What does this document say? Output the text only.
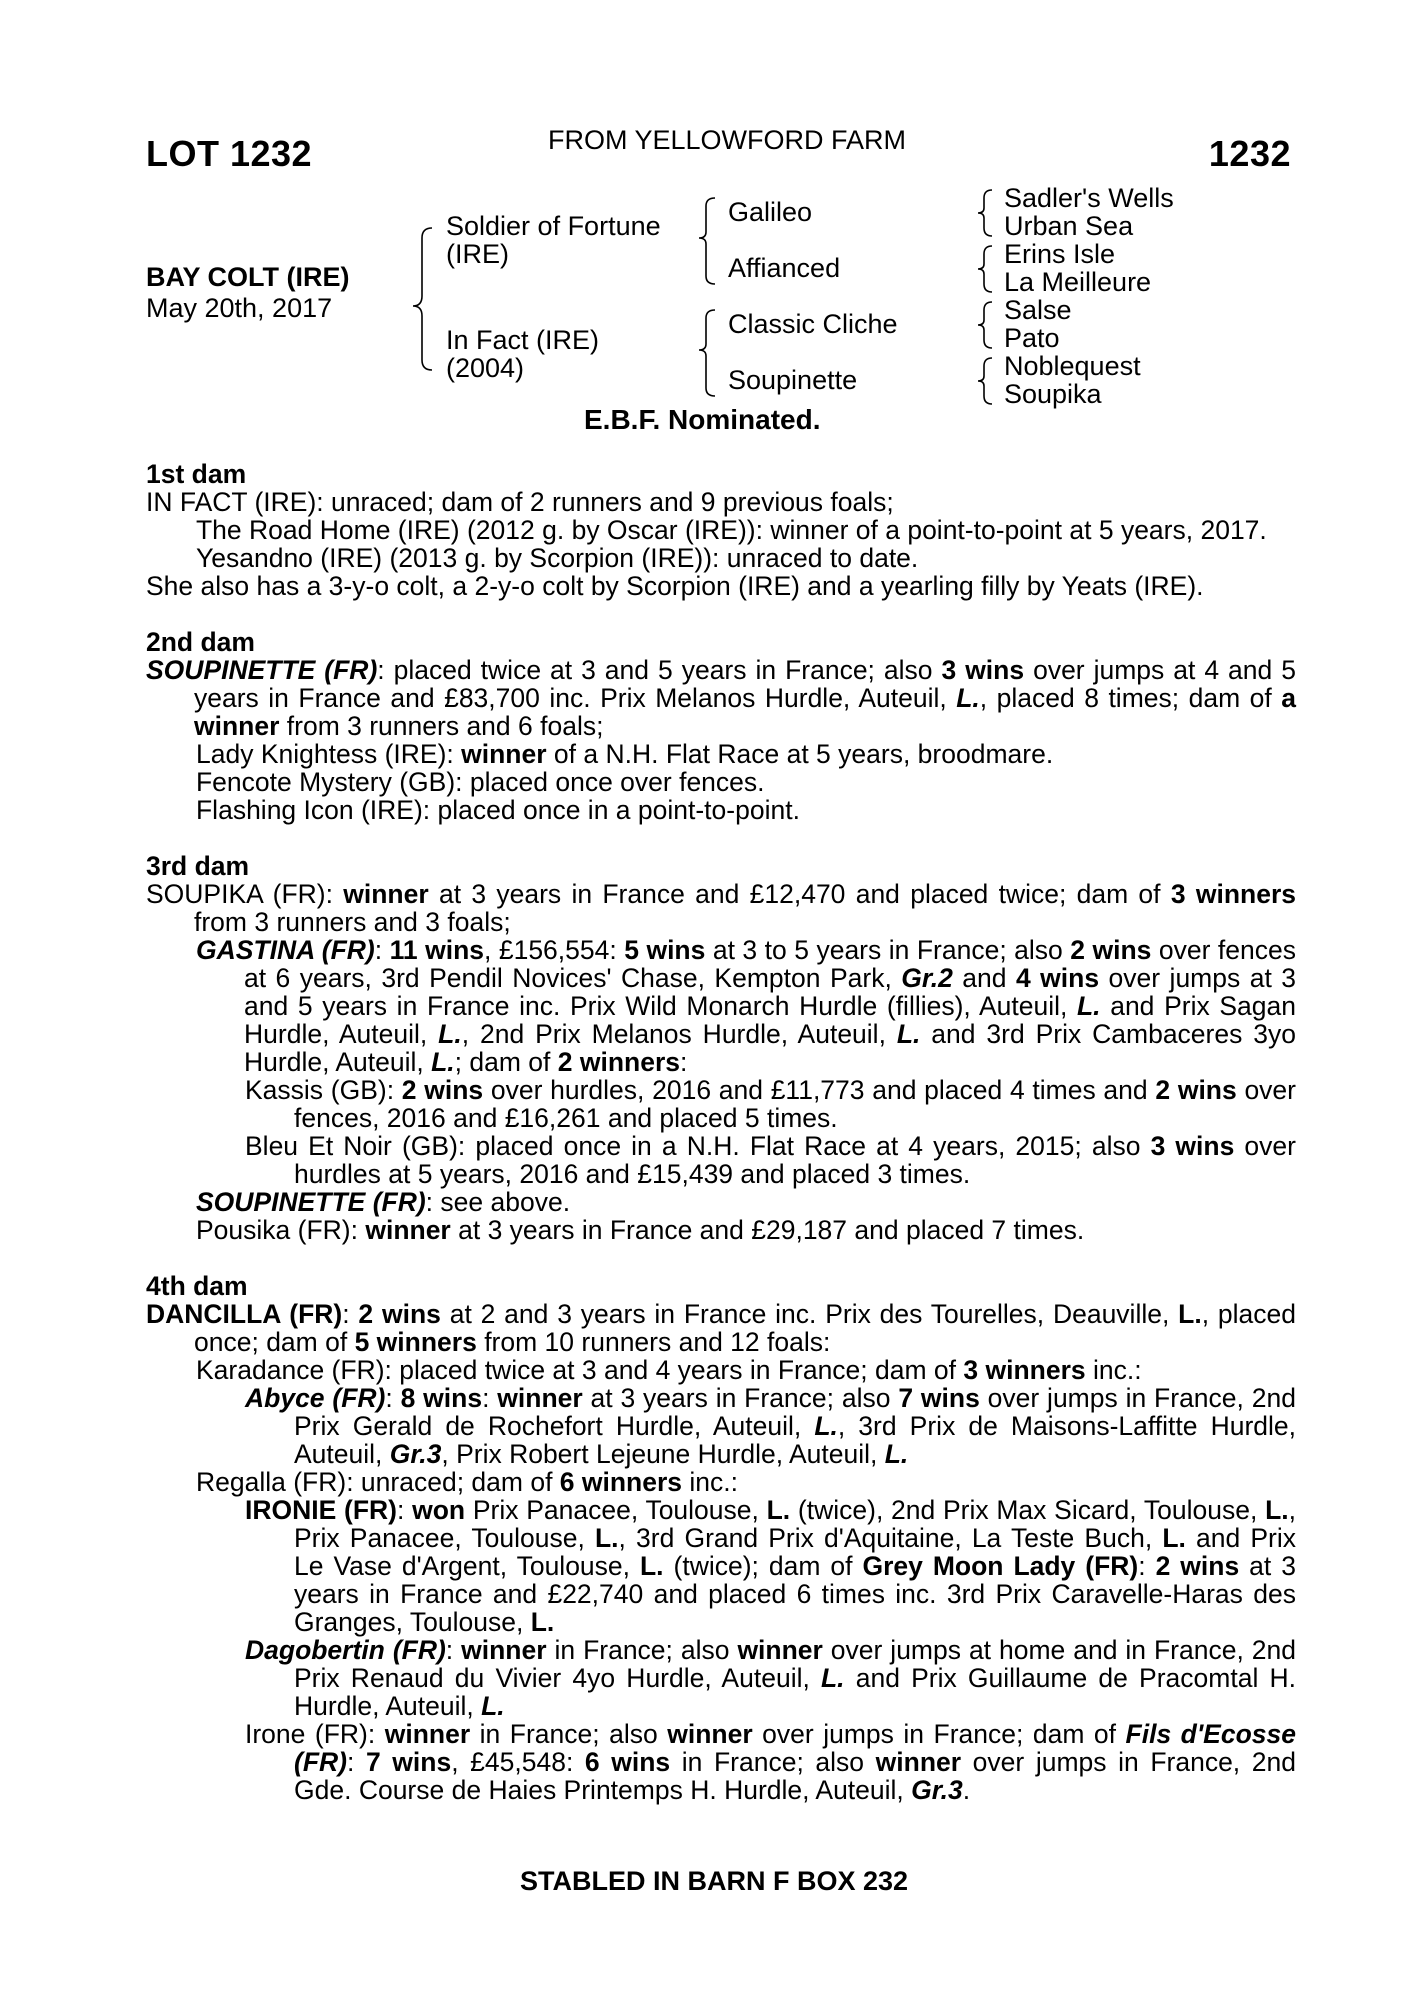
LOT 1232	FROM YELLOWFORD FARM	1232
BAY COLT (IRE)
May 20th, 2017
Soldier of Fortune
(IRE)
In Fact (IRE)
(2004)
Galileo
Affianced
Classic Cliche
Soupinette
Sadler's Wells
Urban Sea
Erins Isle
La Meilleure
Salse
Pato
Noblequest
Soupika
E.B.F. Nominated.

1st dam

IN FACT (IRE): unraced; dam of 2 runners and 9 previous foals;

The Road Home (IRE) (2012 g. by Oscar (IRE)): winner of a point-to-point at 5 years, 2017.

Yesandno (IRE) (2013 g. by Scorpion (IRE)): unraced to date.

She also has a 3-y-o colt, a 2-y-o colt by Scorpion (IRE) and a yearling filly by Yeats (IRE).

2nd dam

SOUPINETTE (FR): placed twice at 3 and 5 years in France; also 3 wins over jumps at 4 and 5 years in France and £83,700 inc. Prix Melanos Hurdle, Auteuil, L., placed 8 times; dam of a winner from 3 runners and 6 foals;

Lady Knightess (IRE): winner of a N.H. Flat Race at 5 years, broodmare.

Fencote Mystery (GB): placed once over fences.

Flashing Icon (IRE): placed once in a point-to-point.

3rd dam

SOUPIKA (FR): winner at 3 years in France and £12,470 and placed twice; dam of 3 winners from 3 runners and 3 foals;

GASTINA (FR): 11 wins, £156,554: 5 wins at 3 to 5 years in France; also 2 wins over fences at 6 years, 3rd Pendil Novices' Chase, Kempton Park, Gr.2 and 4 wins over jumps at 3 and 5 years in France inc. Prix Wild Monarch Hurdle (fillies), Auteuil, L. and Prix Sagan Hurdle, Auteuil, L., 2nd Prix Melanos Hurdle, Auteuil, L. and 3rd Prix Cambaceres 3yo Hurdle, Auteuil, L.; dam of 2 winners:

Kassis (GB): 2 wins over hurdles, 2016 and £11,773 and placed 4 times and 2 wins over fences, 2016 and £16,261 and placed 5 times.

Bleu Et Noir (GB): placed once in a N.H. Flat Race at 4 years, 2015; also 3 wins over hurdles at 5 years, 2016 and £15,439 and placed 3 times.

SOUPINETTE (FR): see above.

Pousika (FR): winner at 3 years in France and £29,187 and placed 7 times.

4th dam

DANCILLA (FR): 2 wins at 2 and 3 years in France inc. Prix des Tourelles, Deauville, L., placed once; dam of 5 winners from 10 runners and 12 foals:

Karadance (FR): placed twice at 3 and 4 years in France; dam of 3 winners inc.:

Abyce (FR): 8 wins: winner at 3 years in France; also 7 wins over jumps in France, 2nd Prix Gerald de Rochefort Hurdle, Auteuil, L., 3rd Prix de Maisons-Laffitte Hurdle, Auteuil, Gr.3, Prix Robert Lejeune Hurdle, Auteuil, L.

Regalla (FR): unraced; dam of 6 winners inc.:

IRONIE (FR): won Prix Panacee, Toulouse, L. (twice), 2nd Prix Max Sicard, Toulouse, L., Prix Panacee, Toulouse, L., 3rd Grand Prix d'Aquitaine, La Teste Buch, L. and Prix Le Vase d'Argent, Toulouse, L. (twice); dam of Grey Moon Lady (FR): 2 wins at 3 years in France and £22,740 and placed 6 times inc. 3rd Prix Caravelle-Haras des Granges, Toulouse, L.

Dagobertin (FR): winner in France; also winner over jumps at home and in France, 2nd Prix Renaud du Vivier 4yo Hurdle, Auteuil, L. and Prix Guillaume de Pracomtal H. Hurdle, Auteuil, L.

Irone (FR): winner in France; also winner over jumps in France; dam of Fils d'Ecosse (FR): 7 wins, £45,548: 6 wins in France; also winner over jumps in France, 2nd Gde. Course de Haies Printemps H. Hurdle, Auteuil, Gr.3.

STABLED IN BARN F BOX 232
